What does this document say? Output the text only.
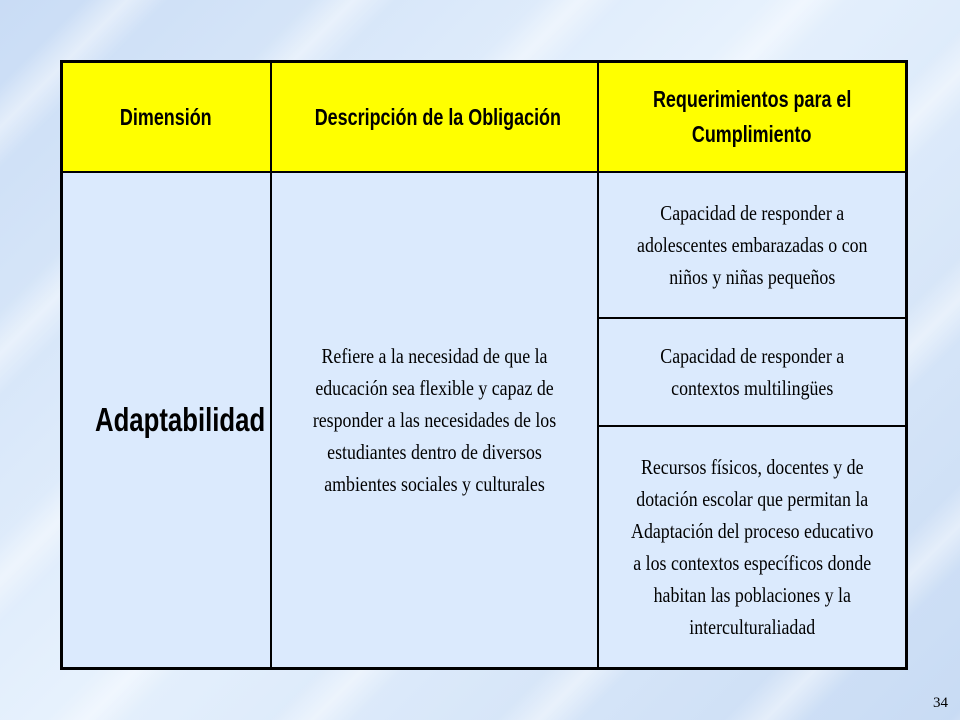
Dimensión	Descripción de la Obligación	Requerimientos para el
Cumplimiento
Adaptabilidad	Refiere a la necesidad de que la educación sea flexible y capaz de responder a las necesidades de los estudiantes dentro de diversos ambientes sociales y culturales	Capacidad de responder a adolescentes embarazadas o con niños y niñas pequeños
		Capacidad de responder a contextos multilingües
		Recursos físicos, docentes y de dotación escolar que permitan la Adaptación del proceso educativo a los contextos específicos donde habitan las poblaciones y la interculturaliadad
34
